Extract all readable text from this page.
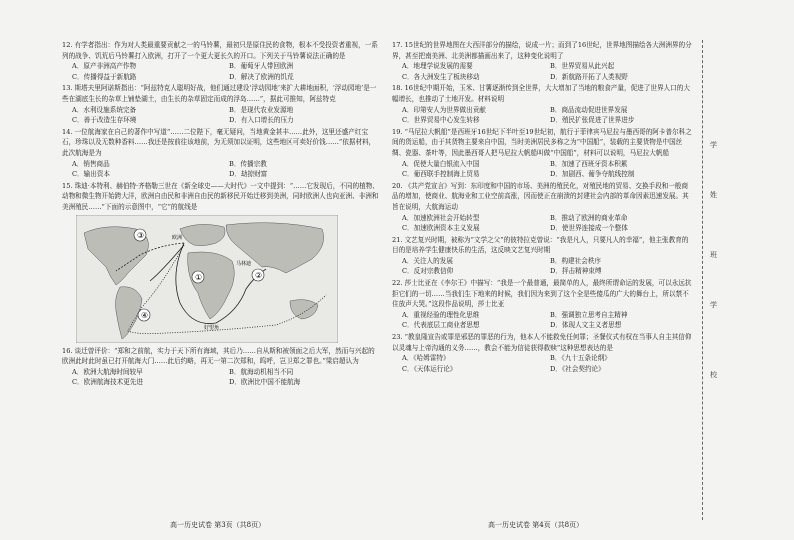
12. 有学者指出：作为对人类最重要贡献之一的马铃薯，最初只是原住民的食物，根本不受投资者重视，一系列的战争、饥荒后马铃薯打入欧洲，打开了一个更大更长久的开口。下列关于马铃薯说法正确的是

A．原产非洲高产作物	B．葡萄牙人带回欧洲
C．传播得益于新航路	D．解决了欧洲的饥荒

13. 斯塔夫里阿诺斯指出：“阿兹特克人聪明好战，他们通过建设‘浮动园地’来扩大耕地面积，‘浮动园地’是一些在湖底生长的杂草上铺垫湖土，由生长的杂草固定而成的浮岛……”，据此可推知，阿兹特克

A．水利设施系统完备	B．是现代农业发源地
C．善于改造生存环境	D．有入口增长的压力

14. 一位航海家在自己的著作中写道“……二位陛下，毫无疑问，当地黄金甚丰……此外，这里还盛产红宝石，珍珠以及无数种香料……我还是按前往该地前，为无须加以证明，这些地区可卖好价钱……”依据材料，此次航海是为

A．销售商品	B．传播宗教
C．输出资本	D．劫掠财富

15. 珠迪·本特利、赫伯特·齐格勒三世在《新全球史——大时代》一文中提到：“……它发现后，不同的植物、动物和微生物开始跨大洋，欧洲自由民和非洲自由民的新移民开始迁移到美洲，同时欧洲人也向亚洲、非洲和美洲殖民……”下面的示意图中，“它”的航线是

①	②
③
④
欧洲
马林迪
好望角

16. 谈迁曾评价：“郑和之前航，实力于天下所有海域，其后乃……自从斯和被领面之后大军，然而与兴起的欧洲此时此时虽已打开航海大门……此后约略，再无一第二次郑和，呜呼，岂卫郑之罪也。”梁启超认为

A．欧洲大航海时间较早	B．航海动机相当不同
C．欧洲航海技术更先进	D．欧洲比中国不能航海

17. 15世纪的世界地图在大西洋部分的描绘，说成一片；而到了16世纪，世界地图描绘各大洲洲界的分界，甚至把南美洲、北美洲都描画出来了，这种变化说明了

A．地理学说发展的需要	B．世界贸易从此兴起
C．各大洲发生了板块移动	D．新航路开拓了人类视野

18. 16世纪中期开始，玉米、甘薯逐渐传到全世界，大大增加了当地的粮食产量，促进了世界人口的大幅增长，也推动了土地开发。材料说明

A．印第安人为世界做出贡献	B．商品流动促进世界发展
C．世界贸易中心发生转移	D．殖民扩张促进了世界进步

19. “马尼拉大帆船”是西班牙16世纪下半叶至19世纪初，航行于菲律宾马尼拉与墨西哥的阿卡普尔科之间的货运船，由于其货物主要来自中国，当时美洲居民多称之为“中国船”，装载的主要货物是中国丝绸、瓷器、茶叶等，因此墨西哥人把马尼拉大帆船叫做“中国船”，材料可以说明，马尼拉大帆船

A．促使大量白银流入中国	B．加速了西班牙资本积累
C．葡西联手控制海上贸易	D．加剧西、葡争夺航线控制

20. 《共产党宣言》写到：东印度和中国的市场、美洲的殖民化，对殖民地的贸易、交换手段和一般商品的增加，使商业、航海业和工业空前高涨，因而使正在崩溃的封建社会内部的革命因素迅速发展。其旨在说明，大航海运动

A．加速欧洲社会开始转型	B．推动了欧洲的商业革命
C．加速欧洲资本主义发展	D．使世界连接成一个整体

21. 文艺复兴时期，被称为“文学之父”的彼特拉克曾说：“我是凡人，只要凡人的幸福”，他主张教育的目的是培养学生健康快乐的生活，这反映文艺复兴时期

A．关注人的发展	B．构建社会秩序
C．反对宗教信仰	D．抨击精神束缚

22. 莎士比亚在《李尔王》中描写：“我是一个最普通，最简单的人，最终所谓命运的发展，可以永远抗拒它们的一切……当我们生下地来的时候，我们因为来到了这个全是些傻瓜的广大的舞台上，所以禁不住放声大哭。”这段作品说明，莎士比亚

A．重视经验的理性化思维	B．强调独立思考自主精神
C．代表底层工商业者思想	D．体现人文主义者思想

23. “教皇隆宣告或罪是邪恶的罪恶的行为，他本人不能救免任何罪；圣餐仪式有权在当事人自主其信仰以灵魂与上帝沟通的义务……，教会不能为信徒获得救赎”这种思想表达的是

A．《哈姆雷特》	B．《九十五条论纲》
C．《天体运行论》	D．《社会契约论》
高一历史试卷 第3页（共8页）	高一历史试卷 第4页（共8页）
学
姓
班
学
校
